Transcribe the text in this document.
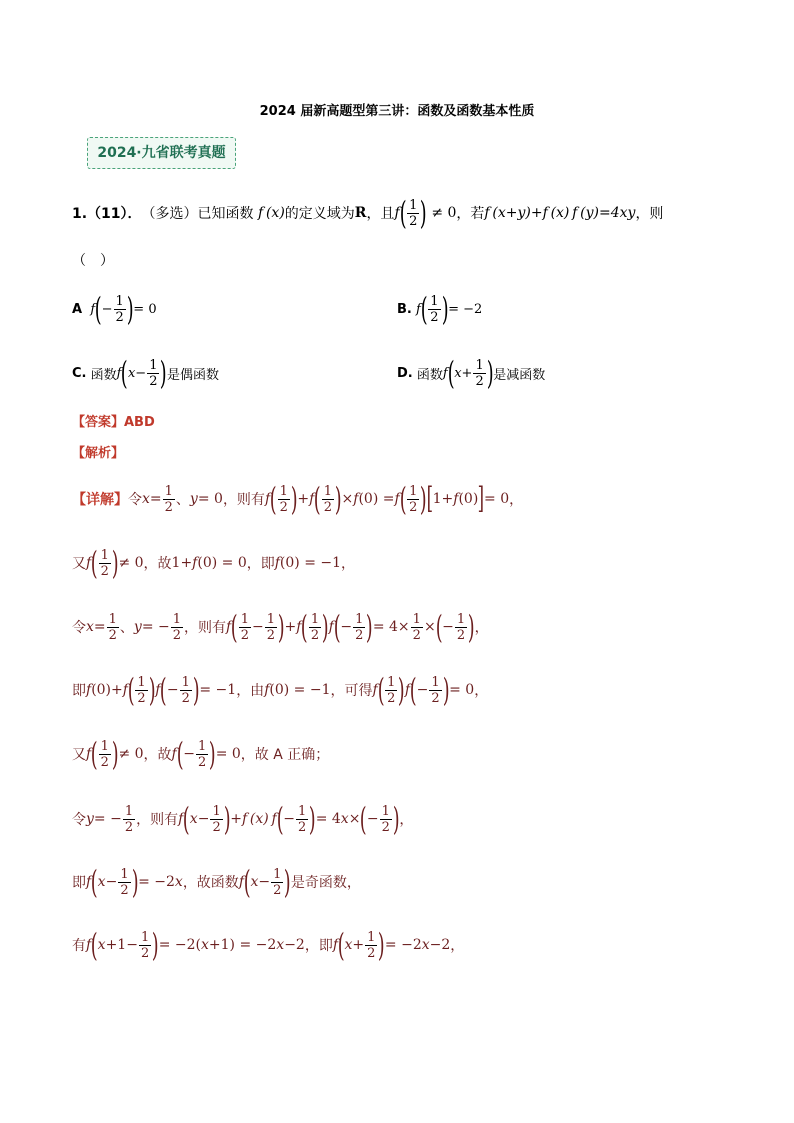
2024 届新高题型第三讲：函数及函数基本性质
2024·九省联考真题
1.（11）． （多选）已知函数 f (x) 的定义域为 R ，且 f ( $\frac{1}{2}$ ) ≠ 0 ，若 f (x+y)+f (x) f (y)=4xy ，则
（　）
A
f ( − $\frac{1}{2}$ ) = 0	B.
f ( $\frac{1}{2}$ ) = −2
C.
函数 f ( $x - \frac{1}{2}$ ) 是偶函数	D.
函数 f ( $x + \frac{1}{2}$ ) 是减函数
【答案】ABD
【解析】
【详解】 令 $x = \frac{1}{2}$ 、 y = 0 ，则有 f ( $\frac{1}{2}$ ) + f ( $\frac{1}{2}$ ) × f (0) = f ( $\frac{1}{2}$ ) [ 1+ f (0) ] = 0 ，
又 f ( $\frac{1}{2}$ ) ≠ 0 ，故 1+ f (0) = 0 ，即 f (0) = −1 ，
令 $x = \frac{1}{2}$ 、 y = − $\frac{1}{2}$ ，则有 f ( $\frac{1}{2} - \frac{1}{2}$ ) + f ( $\frac{1}{2}$ ) f ( − $\frac{1}{2}$ ) = $4\times \frac{1}{2}$ × ( − $\frac{1}{2}$ ) ，
即 f (0)+ f ( $\frac{1}{2}$ ) f ( − $\frac{1}{2}$ ) = −1 ，由 f (0) = −1 ，可得 f ( $\frac{1}{2}$ ) f ( − $\frac{1}{2}$ ) = 0 ，
又 f ( $\frac{1}{2}$ ) ≠ 0 ，故 f ( − $\frac{1}{2}$ ) = 0 ，故 A 正确；
令 y = − $\frac{1}{2}$ ，则有 f ( $x - \frac{1}{2}$ ) + f (x) f ( − $\frac{1}{2}$ ) = 4 x × ( − $\frac{1}{2}$ ) ，
即 f ( $x - \frac{1}{2}$ ) = −2 x ，故函数 f ( $x - \frac{1}{2}$ ) 是奇函数，
有 f ( $x +1- \frac{1}{2}$ ) = −2( x +1) = −2 x −2 ，即 f ( $x + \frac{1}{2}$ ) = −2 x −2 ，
